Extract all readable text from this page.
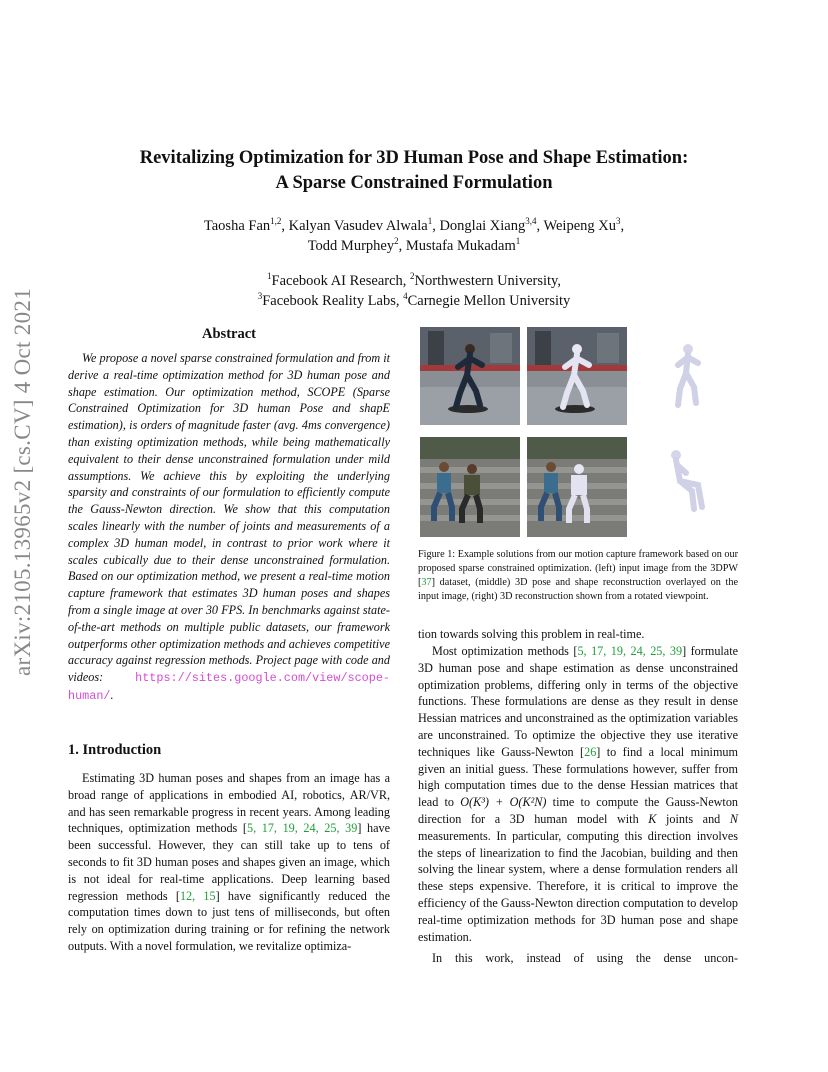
arXiv:2105.13965v2 [cs.CV] 4 Oct 2021
Revitalizing Optimization for 3D Human Pose and Shape Estimation:
A Sparse Constrained Formulation
Taosha Fan$^{1,2}$, Kalyan Vasudev Alwala$^1$, Donglai Xiang$^{3,4}$, Weipeng Xu$^3$,
Todd Murphey$^2$, Mustafa Mukadam$^1$
$^1$Facebook AI Research, $^2$Northwestern University,
$^3$Facebook Reality Labs, $^4$Carnegie Mellon University
Abstract

We propose a novel sparse constrained formulation and from it derive a real-time optimization method for 3D human pose and shape estimation. Our optimization method, SCOPE (Sparse Constrained Optimization for 3D human Pose and shapE estimation), is orders of magnitude faster (avg. 4ms convergence) than existing optimization methods, while being mathematically equivalent to their dense unconstrained formulation under mild assumptions. We achieve this by exploiting the underlying sparsity and constraints of our formulation to efficiently compute the Gauss-Newton direction. We show that this computation scales linearly with the number of joints and measurements of a complex 3D human model, in contrast to prior work where it scales cubically due to their dense unconstrained formulation. Based on our optimization method, we present a real-time motion capture framework that estimates 3D human poses and shapes from a single image at over 30 FPS. In benchmarks against state-of-the-art methods on multiple public datasets, our framework outperforms other optimization methods and achieves competitive accuracy against regression methods. Project page with code and videos: https://sites.google.com/view/scope-human/.

1. Introduction

Estimating 3D human poses and shapes from an image has a broad range of applications in embodied AI, robotics, AR/VR, and has seen remarkable progress in recent years. Among leading techniques, optimization methods [5, 17, 19, 24, 25, 39] have been successful. However, they can still take up to tens of seconds to fit 3D human poses and shapes given an image, which is not ideal for real-time applications. Deep learning based regression methods [12, 15] have significantly reduced the computation times down to just tens of milliseconds, but often rely on optimization during training or for refining the network outputs. With a novel formulation, we revitalize optimiza-

Figure 1: Example solutions from our motion capture framework based on our proposed sparse constrained optimization. (left) input image from the 3DPW [37] dataset, (middle) 3D pose and shape reconstruction overlayed on the input image, (right) 3D reconstruction shown from a rotated viewpoint.

tion towards solving this problem in real-time.

Most optimization methods [5, 17, 19, 24, 25, 39] formulate 3D human pose and shape estimation as dense unconstrained optimization problems, differing only in terms of the objective functions. These formulations are dense as they result in dense Hessian matrices and unconstrained as the optimization variables are unconstrained. To optimize the objective they use iterative techniques like Gauss-Newton [26] to find a local minimum given an initial guess. These formulations however, suffer from high computation times due to the dense Hessian matrices that lead to O(K³) + O(K²N) time to compute the Gauss-Newton direction for a 3D human model with K joints and N measurements. In particular, computing this direction involves the steps of linearization to find the Jacobian, building and then solving the linear system, where a dense formulation renders all these steps expensive. Therefore, it is critical to improve the efficiency of the Gauss-Newton direction computation to develop real-time optimization methods for 3D human pose and shape estimation.

In this work, instead of using the dense uncon-
